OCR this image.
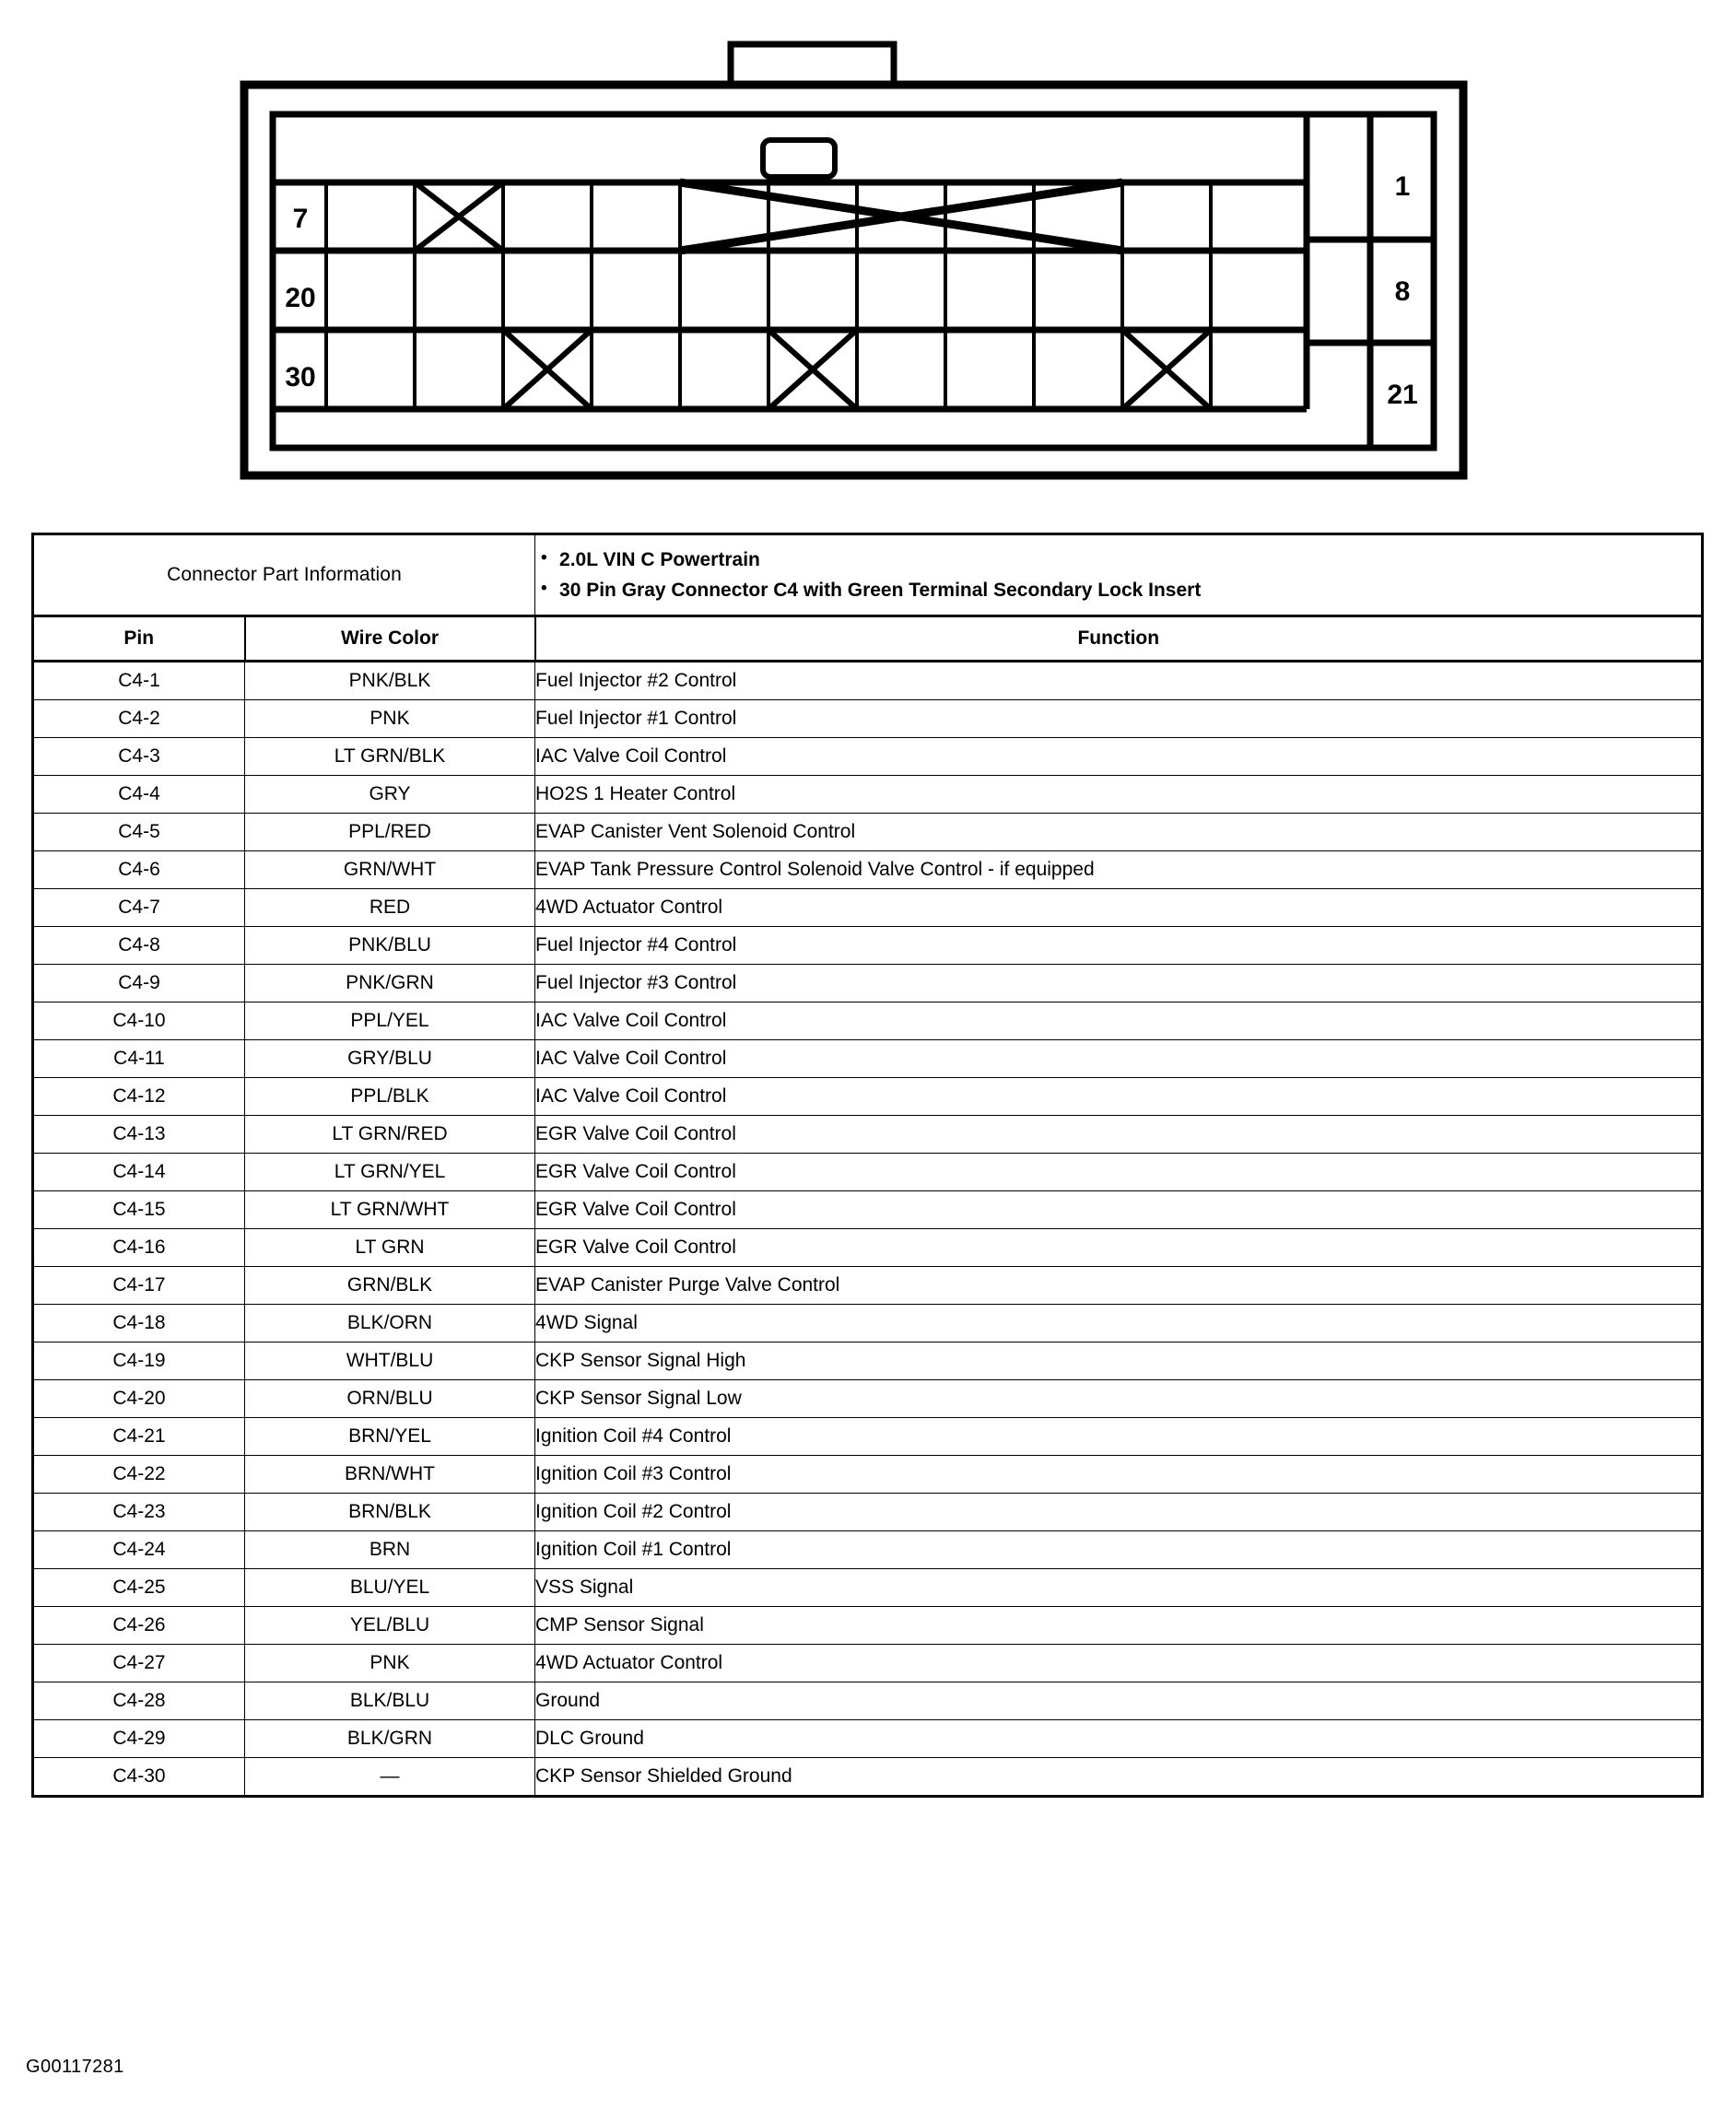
7
20
30
1
8
21
Connector Part Information	
• 2.0L VIN C Powertrain
• 30 Pin Gray Connector C4 with Green Terminal Secondary Lock Insert

Pin	Wire Color	Function
C4-1	PNK/BLK	Fuel Injector #2 Control
C4-2	PNK	Fuel Injector #1 Control
C4-3	LT GRN/BLK	IAC Valve Coil Control
C4-4	GRY	HO2S 1 Heater Control
C4-5	PPL/RED	EVAP Canister Vent Solenoid Control
C4-6	GRN/WHT	EVAP Tank Pressure Control Solenoid Valve Control - if equipped
C4-7	RED	4WD Actuator Control
C4-8	PNK/BLU	Fuel Injector #4 Control
C4-9	PNK/GRN	Fuel Injector #3 Control
C4-10	PPL/YEL	IAC Valve Coil Control
C4-11	GRY/BLU	IAC Valve Coil Control
C4-12	PPL/BLK	IAC Valve Coil Control
C4-13	LT GRN/RED	EGR Valve Coil Control
C4-14	LT GRN/YEL	EGR Valve Coil Control
C4-15	LT GRN/WHT	EGR Valve Coil Control
C4-16	LT GRN	EGR Valve Coil Control
C4-17	GRN/BLK	EVAP Canister Purge Valve Control
C4-18	BLK/ORN	4WD Signal
C4-19	WHT/BLU	CKP Sensor Signal High
C4-20	ORN/BLU	CKP Sensor Signal Low
C4-21	BRN/YEL	Ignition Coil #4 Control
C4-22	BRN/WHT	Ignition Coil #3 Control
C4-23	BRN/BLK	Ignition Coil #2 Control
C4-24	BRN	Ignition Coil #1 Control
C4-25	BLU/YEL	VSS Signal
C4-26	YEL/BLU	CMP Sensor Signal
C4-27	PNK	4WD Actuator Control
C4-28	BLK/BLU	Ground
C4-29	BLK/GRN	DLC Ground
C4-30	—	CKP Sensor Shielded Ground
G00117281
